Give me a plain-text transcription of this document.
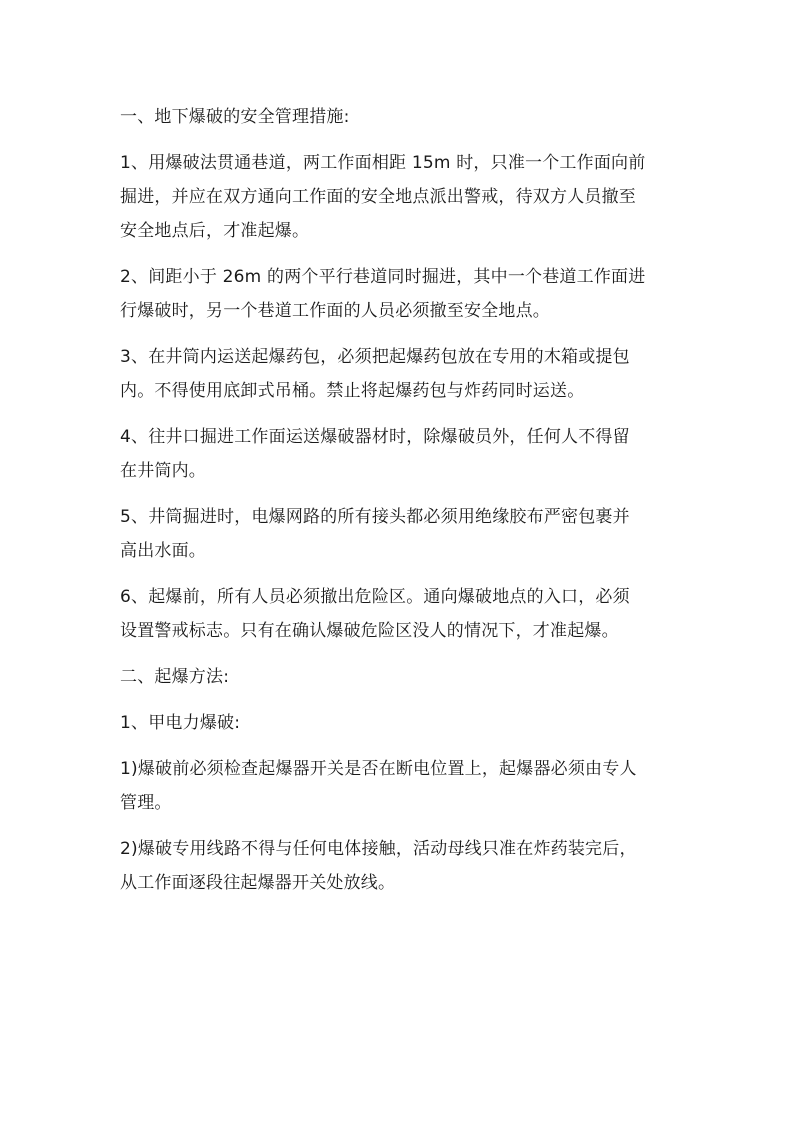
一、地下爆破的安全管理措施:

1、用爆破法贯通巷道，两工作面相距 15m 时，只准一个工作面向前
掘进，并应在双方通向工作面的安全地点派出警戒，待双方人员撤至
安全地点后，才准起爆。

2、间距小于 26m 的两个平行巷道同时掘进，其中一个巷道工作面进
行爆破时，另一个巷道工作面的人员必须撤至安全地点。

3、在井筒内运送起爆药包，必须把起爆药包放在专用的木箱或提包
内。不得使用底卸式吊桶。禁止将起爆药包与炸药同时运送。

4、往井口掘进工作面运送爆破器材时，除爆破员外，任何人不得留
在井筒内。

5、井筒掘进时，电爆网路的所有接头都必须用绝缘胶布严密包裹并
高出水面。

6、起爆前，所有人员必须撤出危险区。通向爆破地点的入口，必须
设置警戒标志。只有在确认爆破危险区没人的情况下，才准起爆。

二、起爆方法:

1、甲电力爆破:

1)爆破前必须检查起爆器开关是否在断电位置上，起爆器必须由专人
管理。

2)爆破专用线路不得与任何电体接触，活动母线只准在炸药装完后，
从工作面逐段往起爆器开关处放线。
